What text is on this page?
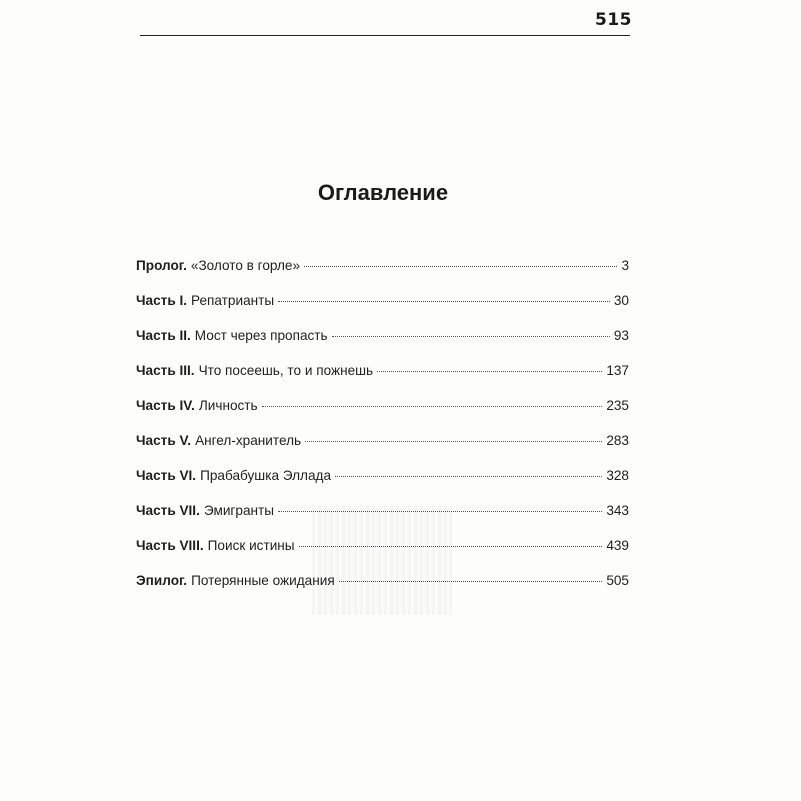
515
Оглавление
Пролог. «Золото в горле»	3
Часть I. Репатрианты	30
Часть II. Мост через пропасть	93
Часть III. Что посеешь, то и пожнешь	137
Часть IV. Личность	235
Часть V. Ангел-хранитель	283
Часть VI. Прабабушка Эллада	328
Часть VII. Эмигранты	343
Часть VIII. Поиск истины	439
Эпилог. Потерянные ожидания	505
